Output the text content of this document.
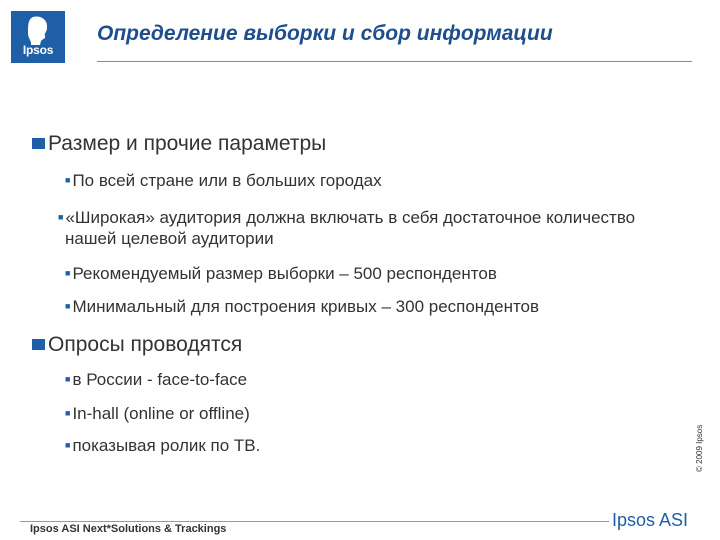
Ipsos
Определение выборки и сбор информации
Размер и прочие параметры
■ По всей стране или в больших городах
■ «Широкая» аудитория должна включать в себя достаточное количество нашей целевой аудитории
■ Рекомендуемый размер выборки – 500 респондентов
■ Минимальный для построения кривых – 300 респондентов
Опросы проводятся
■ в России - face-to-face
■ In-hall (online or offline)
■ показывая ролик по ТВ.	© 2009 Ipsos
Ipsos ASI Next*Solutions & Trackings	Ipsos ASI
